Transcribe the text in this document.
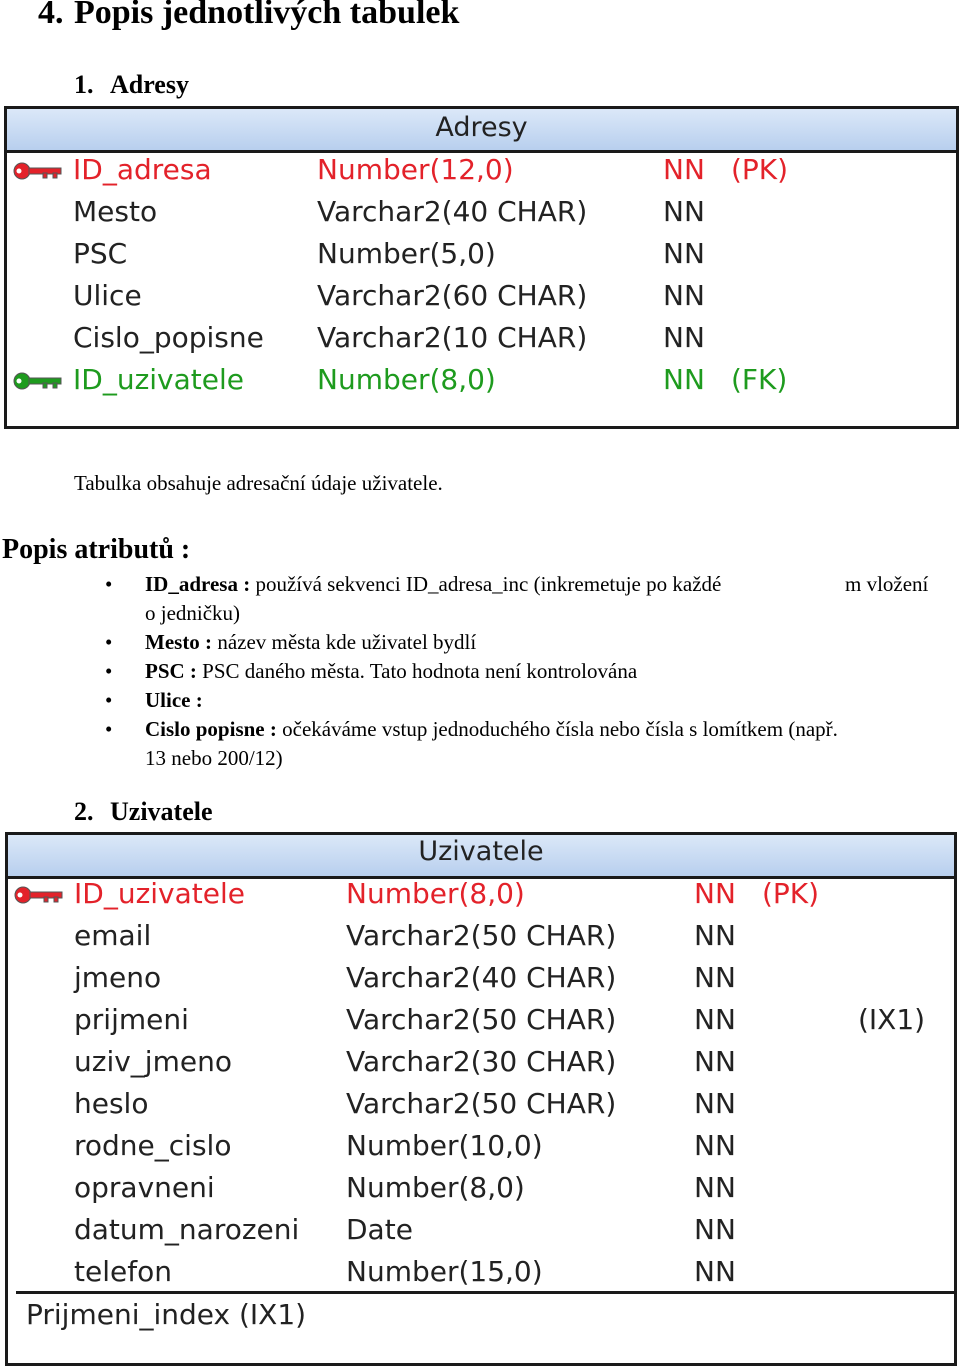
4. Popis jednotlivých tabulek
1. Adresy
Adresy
ID_adresa	Number(12,0)	NN (PK)
Mesto	Varchar2(40 CHAR)	NN
PSC	Number(5,0)	NN
Ulice	Varchar2(60 CHAR)	NN
Cislo_popisne Varchar2(10 CHAR)	NN
ID_uzivatele	Number(8,0)	NN (FK)
Tabulka obsahuje adresační údaje uživatele.
Popis atributů :
• ID_adresa : používá sekvenci ID_adresa_inc (inkremetuje po každé	m vložení
o jedničku)
• Mesto : název města kde uživatel bydlí
• PSC : PSC daného města. Tato hodnota není kontrolována
• Ulice :
• Cislo popisne : očekáváme vstup jednoduchého čísla nebo čísla s lomítkem (např.
13 nebo 200/12)
2. Uzivatele
Uzivatele
Prijmeni_index (IX1)
ID_uzivatele	Number(8,0)	NN (PK)
email	Varchar2(50 CHAR)	NN
jmeno	Varchar2(40 CHAR)	NN
prijmeni	Varchar2(50 CHAR)	NN	(IX1)
uziv_jmeno	Varchar2(30 CHAR)	NN
heslo	Varchar2(50 CHAR)	NN
rodne_cislo	Number(10,0)	NN
opravneni	Number(8,0)	NN
datum_narozeni Date	NN
telefon	Number(15,0)	NN
